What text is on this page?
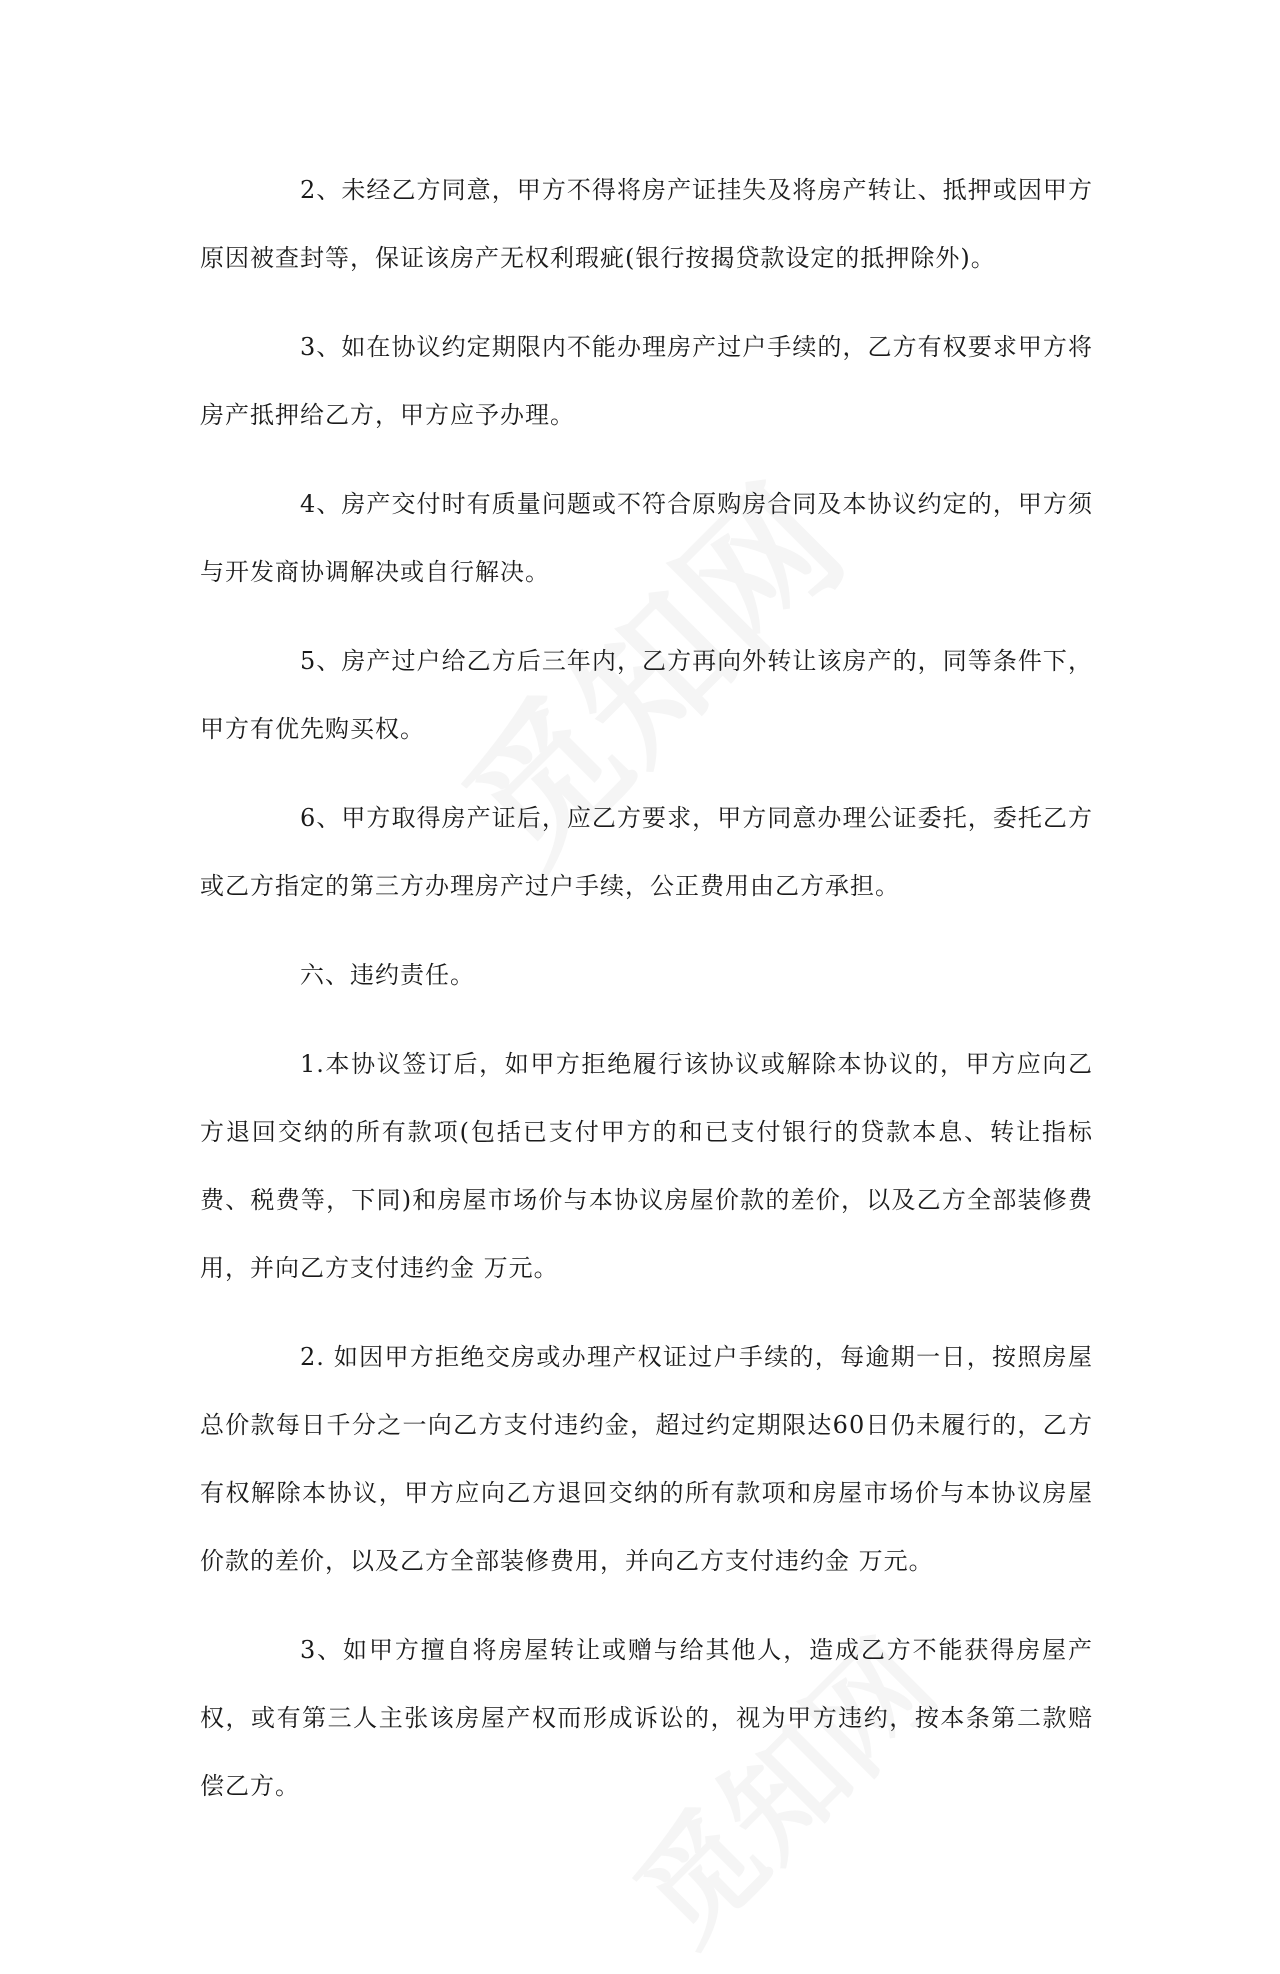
2、未经乙方同意，甲方不得将房产证挂失及将房产转让、抵押或因甲方原因被查封等，保证该房产无权利瑕疵(银行按揭贷款设定的抵押除外)。

3、如在协议约定期限内不能办理房产过户手续的，乙方有权要求甲方将房产抵押给乙方，甲方应予办理。

4、房产交付时有质量问题或不符合原购房合同及本协议约定的，甲方须与开发商协调解决或自行解决。

5、房产过户给乙方后三年内，乙方再向外转让该房产的，同等条件下，甲方有优先购买权。

6、甲方取得房产证后，应乙方要求，甲方同意办理公证委托，委托乙方或乙方指定的第三方办理房产过户手续，公正费用由乙方承担。

六、违约责任。

1.本协议签订后，如甲方拒绝履行该协议或解除本协议的，甲方应向乙方退回交纳的所有款项(包括已支付甲方的和已支付银行的贷款本息、转让指标费、税费等，下同)和房屋市场价与本协议房屋价款的差价，以及乙方全部装修费用，并向乙方支付违约金 万元。

2. 如因甲方拒绝交房或办理产权证过户手续的，每逾期一日，按照房屋总价款每日千分之一向乙方支付违约金，超过约定期限达60日仍未履行的，乙方有权解除本协议，甲方应向乙方退回交纳的所有款项和房屋市场价与本协议房屋价款的差价，以及乙方全部装修费用，并向乙方支付违约金 万元。

3、如甲方擅自将房屋转让或赠与给其他人，造成乙方不能获得房屋产权，或有第三人主张该房屋产权而形成诉讼的，视为甲方违约，按本条第二款赔偿乙方。
